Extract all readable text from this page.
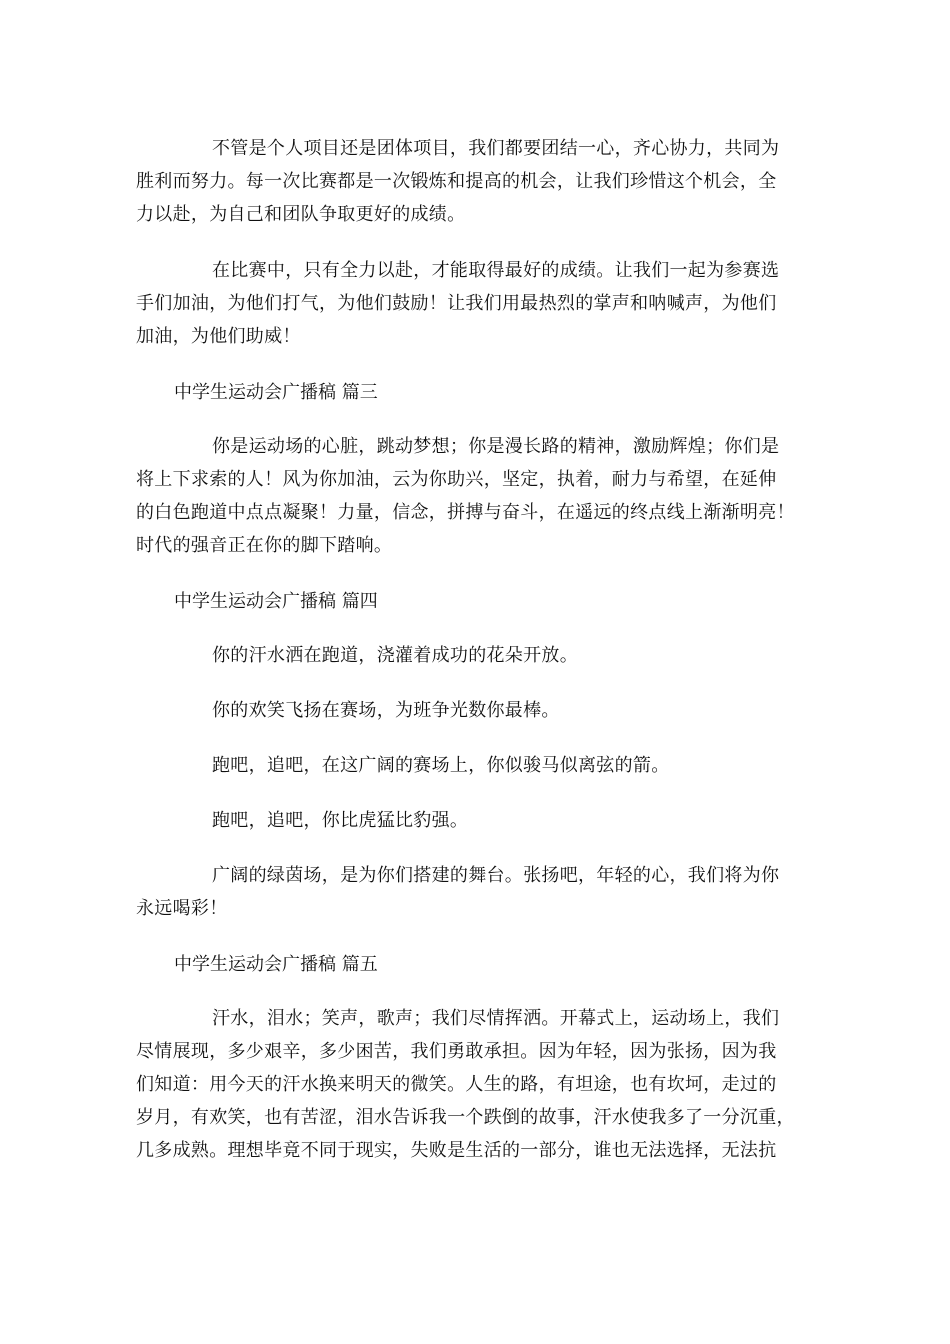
不管是个人项目还是团体项目，我们都要团结一心，齐心协力，共同为
胜利而努力。每一次比赛都是一次锻炼和提高的机会，让我们珍惜这个机会，全
力以赴，为自己和团队争取更好的成绩。
在比赛中，只有全力以赴，才能取得最好的成绩。让我们一起为参赛选
手们加油，为他们打气，为他们鼓励！让我们用最热烈的掌声和呐喊声，为他们
加油，为他们助威！
中学生运动会广播稿 篇三
你是运动场的心脏，跳动梦想；你是漫长路的精神，激励辉煌；你们是
将上下求索的人！风为你加油，云为你助兴，坚定，执着，耐力与希望，在延伸
的白色跑道中点点凝聚！力量，信念，拼搏与奋斗，在遥远的终点线上渐渐明亮！
时代的强音正在你的脚下踏响。
中学生运动会广播稿 篇四
你的汗水洒在跑道，浇灌着成功的花朵开放。
你的欢笑飞扬在赛场，为班争光数你最棒。
跑吧，追吧，在这广阔的赛场上，你似骏马似离弦的箭。
跑吧，追吧，你比虎猛比豹强。
广阔的绿茵场，是为你们搭建的舞台。张扬吧，年轻的心，我们将为你
永远喝彩！
中学生运动会广播稿 篇五
汗水，泪水；笑声，歌声；我们尽情挥洒。开幕式上，运动场上，我们
尽情展现，多少艰辛，多少困苦，我们勇敢承担。因为年轻，因为张扬，因为我
们知道：用今天的汗水换来明天的微笑。人生的路，有坦途，也有坎坷，走过的
岁月，有欢笑，也有苦涩，泪水告诉我一个跌倒的故事，汗水使我多了一分沉重，
几多成熟。理想毕竟不同于现实，失败是生活的一部分，谁也无法选择，无法抗
